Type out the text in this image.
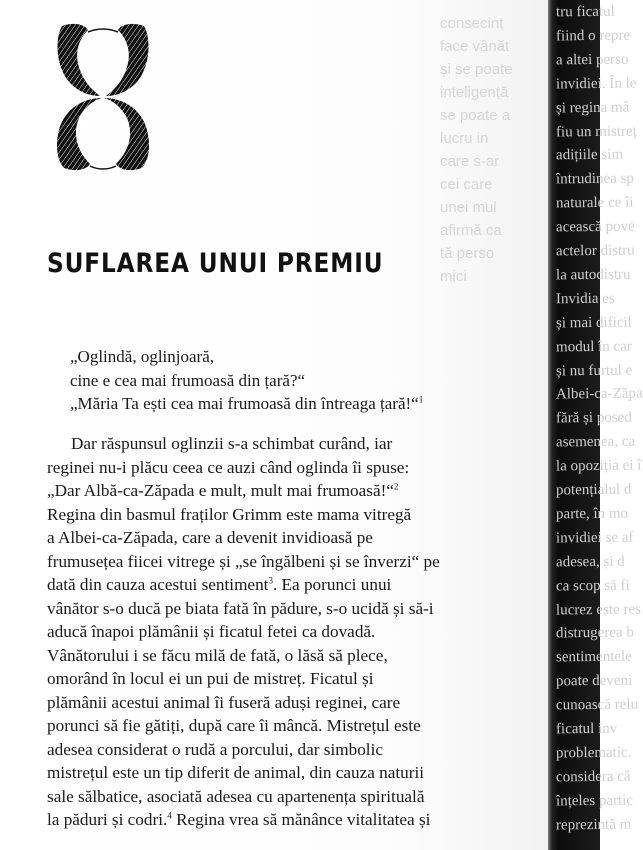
consecinț
face vânăt
și se poate
inteligență
se poate a
lucru in
care s-ar
cei care
unei mul
afirmă ca
tă perso
mici
SUFLAREA UNUI PREMIU
„Oglindă, oglinjoară,
cine e cea mai frumoasă din țară?“
„Măria Ta ești cea mai frumoasă din întreaga țară!“$^1$
Dar răspunsul oglinzii s-a schimbat curând, iar
reginei nu-i plăcu ceea ce auzi când oglinda îi spuse:
„Dar Albă-ca-Zăpada e mult, mult mai frumoasă!“$^2$
Regina din basmul fraților Grimm este mama vitregă
a Albei-ca-Zăpada, care a devenit invidioasă pe
frumusețea fiicei vitrege și „se îngălbeni și se înverzi“ pe
dată din cauza acestui sentiment$^3$. Ea porunci unui
vânător s-o ducă pe biata fată în pădure, s-o ucidă și să-i
aducă înapoi plămânii și ficatul fetei ca dovadă.
Vânătorului i se făcu milă de fată, o lăsă să plece,
omorând în locul ei un pui de mistreț. Ficatul și
plămânii acestui animal îi fuseră aduși reginei, care
porunci să fie gătiți, după care îi mâncă. Mistrețul este
adesea considerat o rudă a porcului, dar simbolic
mistrețul este un tip diferit de animal, din cauza naturii
sale sălbatice, asociată adesea cu apartenența spirituală
la păduri și codri.$^4$ Regina vrea să mănânce vitalitatea și
tru ficatul
fiind o repre
a altei perso
invidiei. În le
și regina mâ
fiu un mistreț
adițiile sim
întrudinea sp
naturale ce îi
acească pove
actelor distru
la autodistru
Invidia es
și mai dificil
modul în car
și nu furtul e
Albei-ca-Zăpa
fără și posed
asemenea, ca
la opoziția ei î
potențialul d
parte, în mo
invidiei se af
adesea, și d
ca scop să fi
lucrez este res
distrugerea b
sentimentele
poate deveni
cunoască relu
ficatul inv
problematic.
considera că
înțeles partic
reprezintă m
